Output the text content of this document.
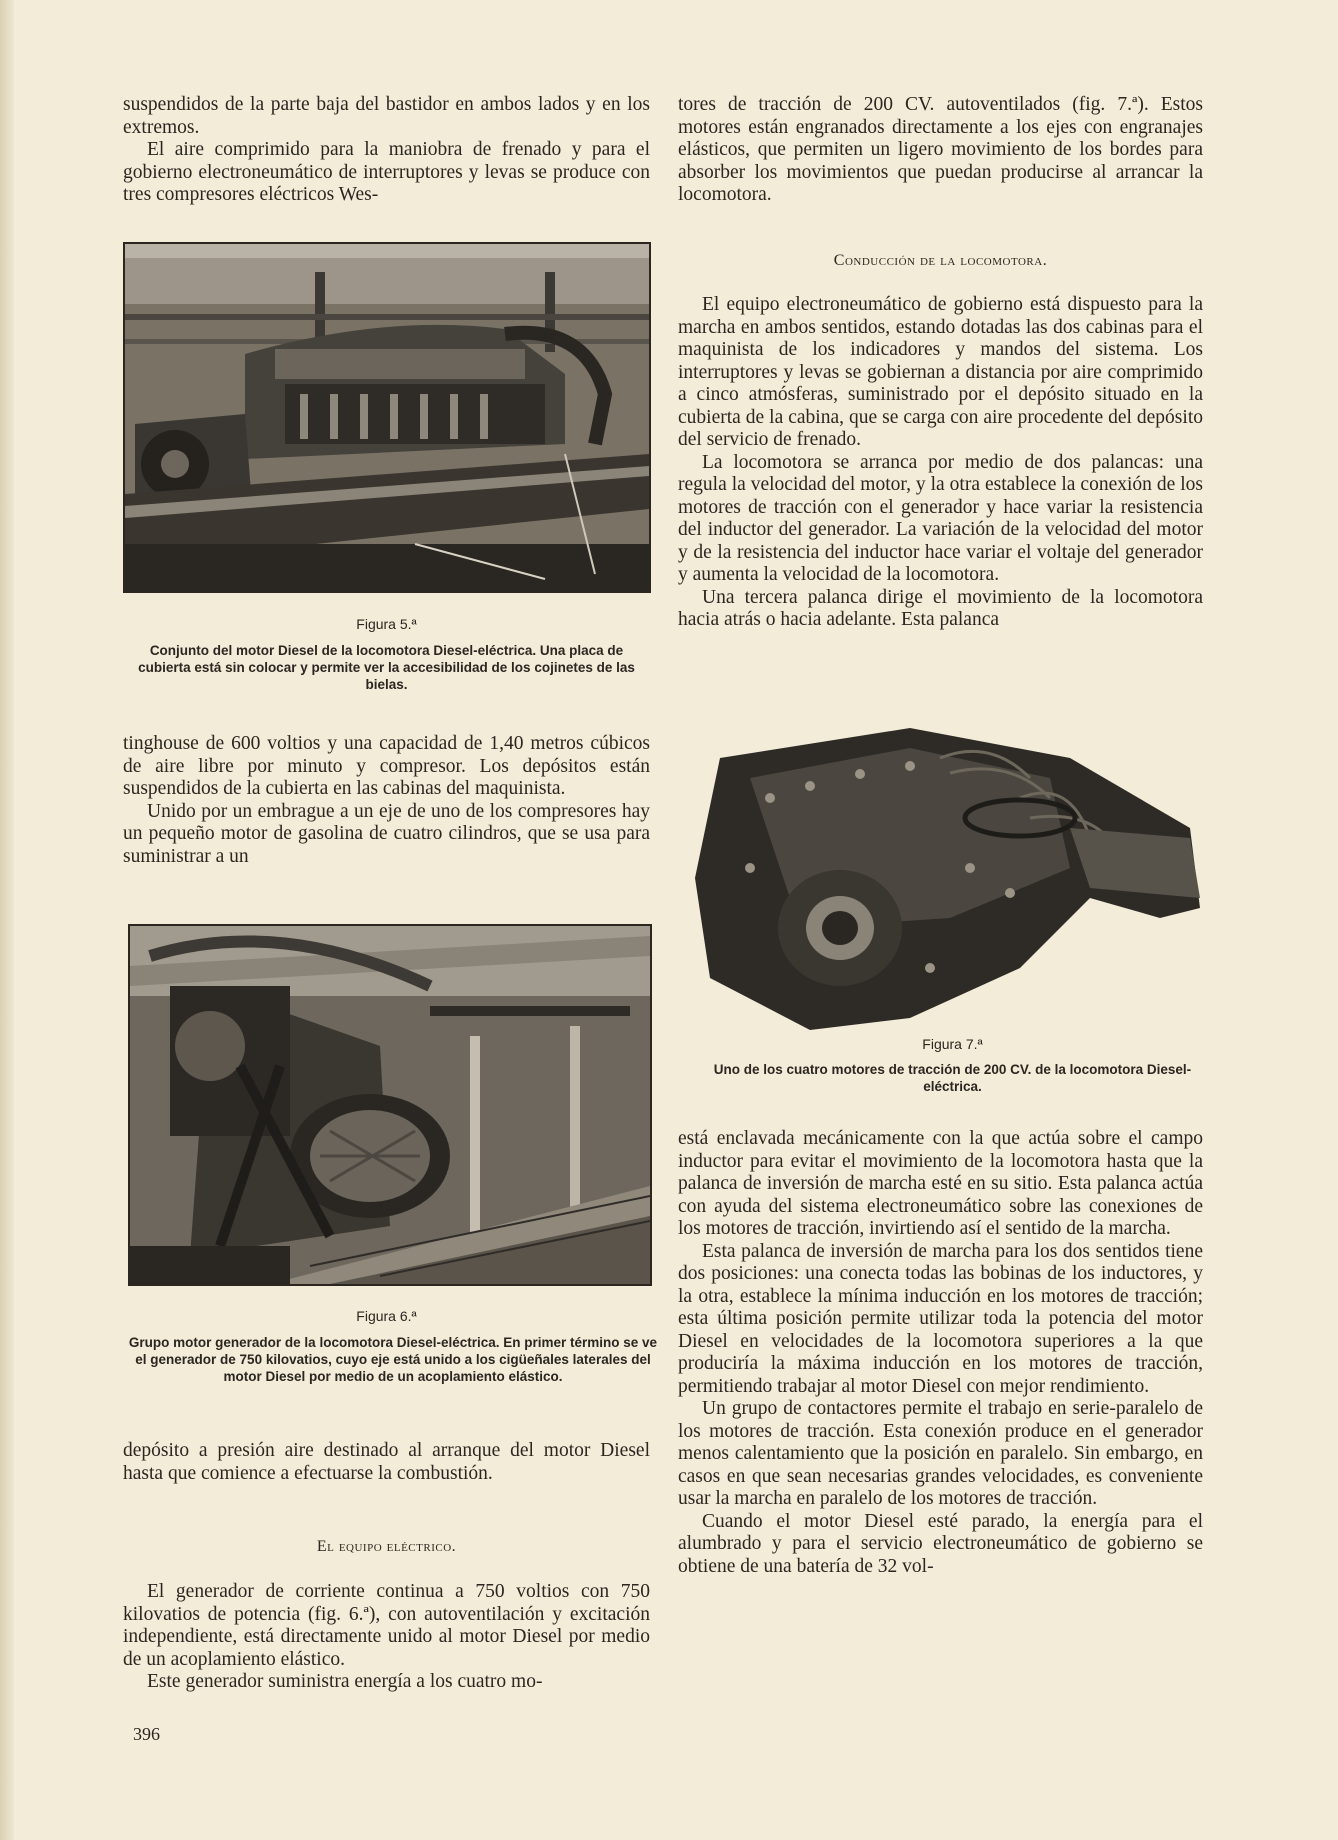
suspendidos de la parte baja del bastidor en ambos lados y en los extremos.

El aire comprimido para la maniobra de frenado y para el gobierno electroneumático de interruptores y levas se produce con tres compresores eléctricos Wes-

Figura 5.ª
Conjunto del motor Diesel de la locomotora Diesel-eléctrica. Una placa de cubierta está sin colocar y permite ver la accesibilidad de los cojinetes de las bielas.

tinghouse de 600 voltios y una capacidad de 1,40 metros cúbicos de aire libre por minuto y compresor. Los depósitos están suspendidos de la cubierta en las cabinas del maquinista.

Unido por un embrague a un eje de uno de los compresores hay un pequeño motor de gasolina de cuatro cilindros, que se usa para suministrar a un

Figura 6.ª
Grupo motor generador de la locomotora Diesel-eléctrica. En primer término se ve el generador de 750 kilovatios, cuyo eje está unido a los cigüeñales laterales del motor Diesel por medio de un acoplamiento elástico.

depósito a presión aire destinado al arranque del motor Diesel hasta que comience a efectuarse la combustión.

El equipo eléctrico.

El generador de corriente continua a 750 voltios con 750 kilovatios de potencia (fig. 6.ª), con autoventilación y excitación independiente, está directamente unido al motor Diesel por medio de un acoplamiento elástico.

Este generador suministra energía a los cuatro mo-

tores de tracción de 200 CV. autoventilados (fig. 7.ª). Estos motores están engranados directamente a los ejes con engranajes elásticos, que permiten un ligero movimiento de los bordes para absorber los movimientos que puedan producirse al arrancar la locomotora.

Conducción de la locomotora.

El equipo electroneumático de gobierno está dispuesto para la marcha en ambos sentidos, estando dotadas las dos cabinas para el maquinista de los indicadores y mandos del sistema. Los interruptores y levas se gobiernan a distancia por aire comprimido a cinco atmósferas, suministrado por el depósito situado en la cubierta de la cabina, que se carga con aire procedente del depósito del servicio de frenado.

La locomotora se arranca por medio de dos palancas: una regula la velocidad del motor, y la otra establece la conexión de los motores de tracción con el generador y hace variar la resistencia del inductor del generador. La variación de la velocidad del motor y de la resistencia del inductor hace variar el voltaje del generador y aumenta la velocidad de la locomotora.

Una tercera palanca dirige el movimiento de la locomotora hacia atrás o hacia adelante. Esta palanca

Figura 7.ª
Uno de los cuatro motores de tracción de 200 CV. de la locomotora Diesel-eléctrica.

está enclavada mecánicamente con la que actúa sobre el campo inductor para evitar el movimiento de la locomotora hasta que la palanca de inversión de marcha esté en su sitio. Esta palanca actúa con ayuda del sistema electroneumático sobre las conexiones de los motores de tracción, invirtiendo así el sentido de la marcha.

Esta palanca de inversión de marcha para los dos sentidos tiene dos posiciones: una conecta todas las bobinas de los inductores, y la otra, establece la mínima inducción en los motores de tracción; esta última posición permite utilizar toda la potencia del motor Diesel en velocidades de la locomotora superiores a la que produciría la máxima inducción en los motores de tracción, permitiendo trabajar al motor Diesel con mejor rendimiento.

Un grupo de contactores permite el trabajo en serie-paralelo de los motores de tracción. Esta conexión produce en el generador menos calentamiento que la posición en paralelo. Sin embargo, en casos en que sean necesarias grandes velocidades, es conveniente usar la marcha en paralelo de los motores de tracción.

Cuando el motor Diesel esté parado, la energía para el alumbrado y para el servicio electroneumático de gobierno se obtiene de una batería de 32 vol-

396
